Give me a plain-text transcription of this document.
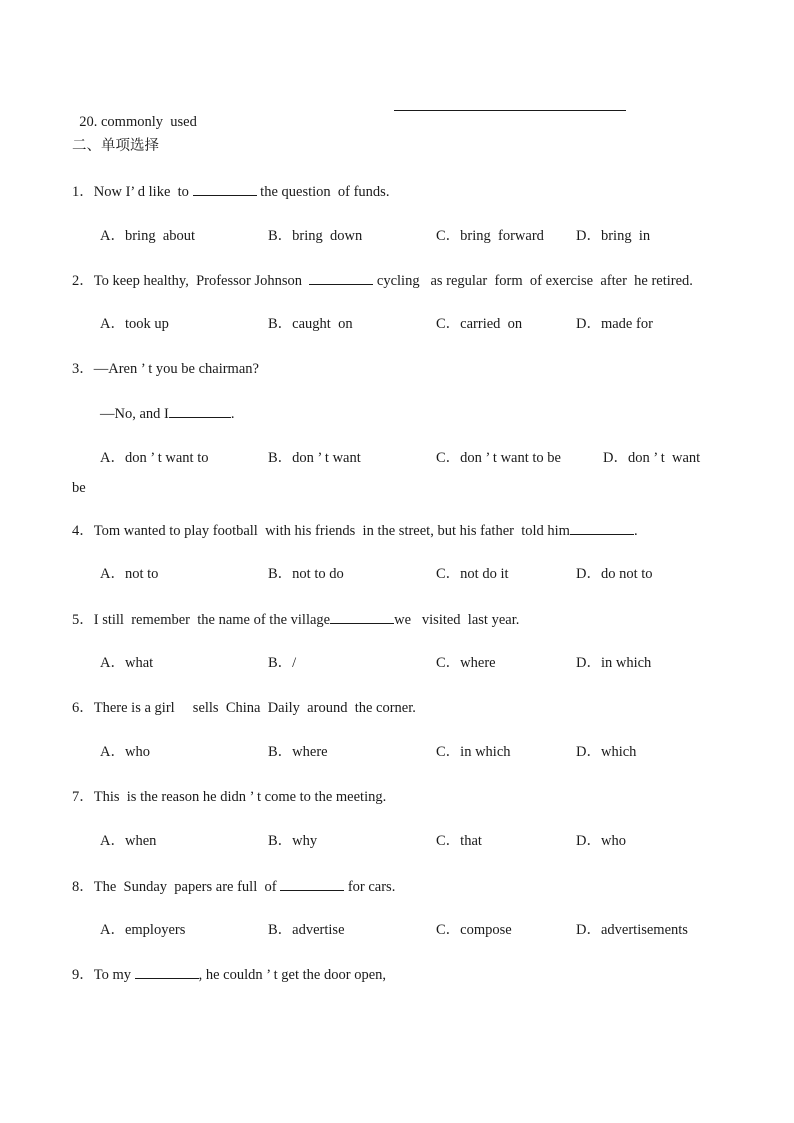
20. commonly  used

二、单项选择
1．Now I’ d like  to	the question  of funds.
A．bring  about	B．bring  down	C．bring  forward D．bring  in
2．To keep healthy,  Professor Johnson	cycling   as regular  form  of exercise  after  he retired.
A．took up	B．caught  on	C．carried  on	D．made for
3．—Aren ’ t you be chairman?
—No, and I	.
A．don ’ t want to	B．don ’ t want	C．don ’ t want to be	D．don ’ t  want
be
4．Tom wanted to play football  with his friends  in the street, but his father  told him	.
A．not to	B．not to do	C．not do it	D．do not to
5．I still  remember  the name of the village	we   visited  last year.
A．what	B．/	C．where	D．in which
6．There is a girl     sells  China  Daily  around  the corner.
A．who	B．where	C．in which	D．which
7．This  is the reason he didn ’ t come to the meeting.
A．when	B．why	C．that	D．who
8．The  Sunday  papers are full  of	for cars.
A．employers	B．advertise	C．compose	D．advertisements
9．To my	, he couldn ’ t get the door open,
